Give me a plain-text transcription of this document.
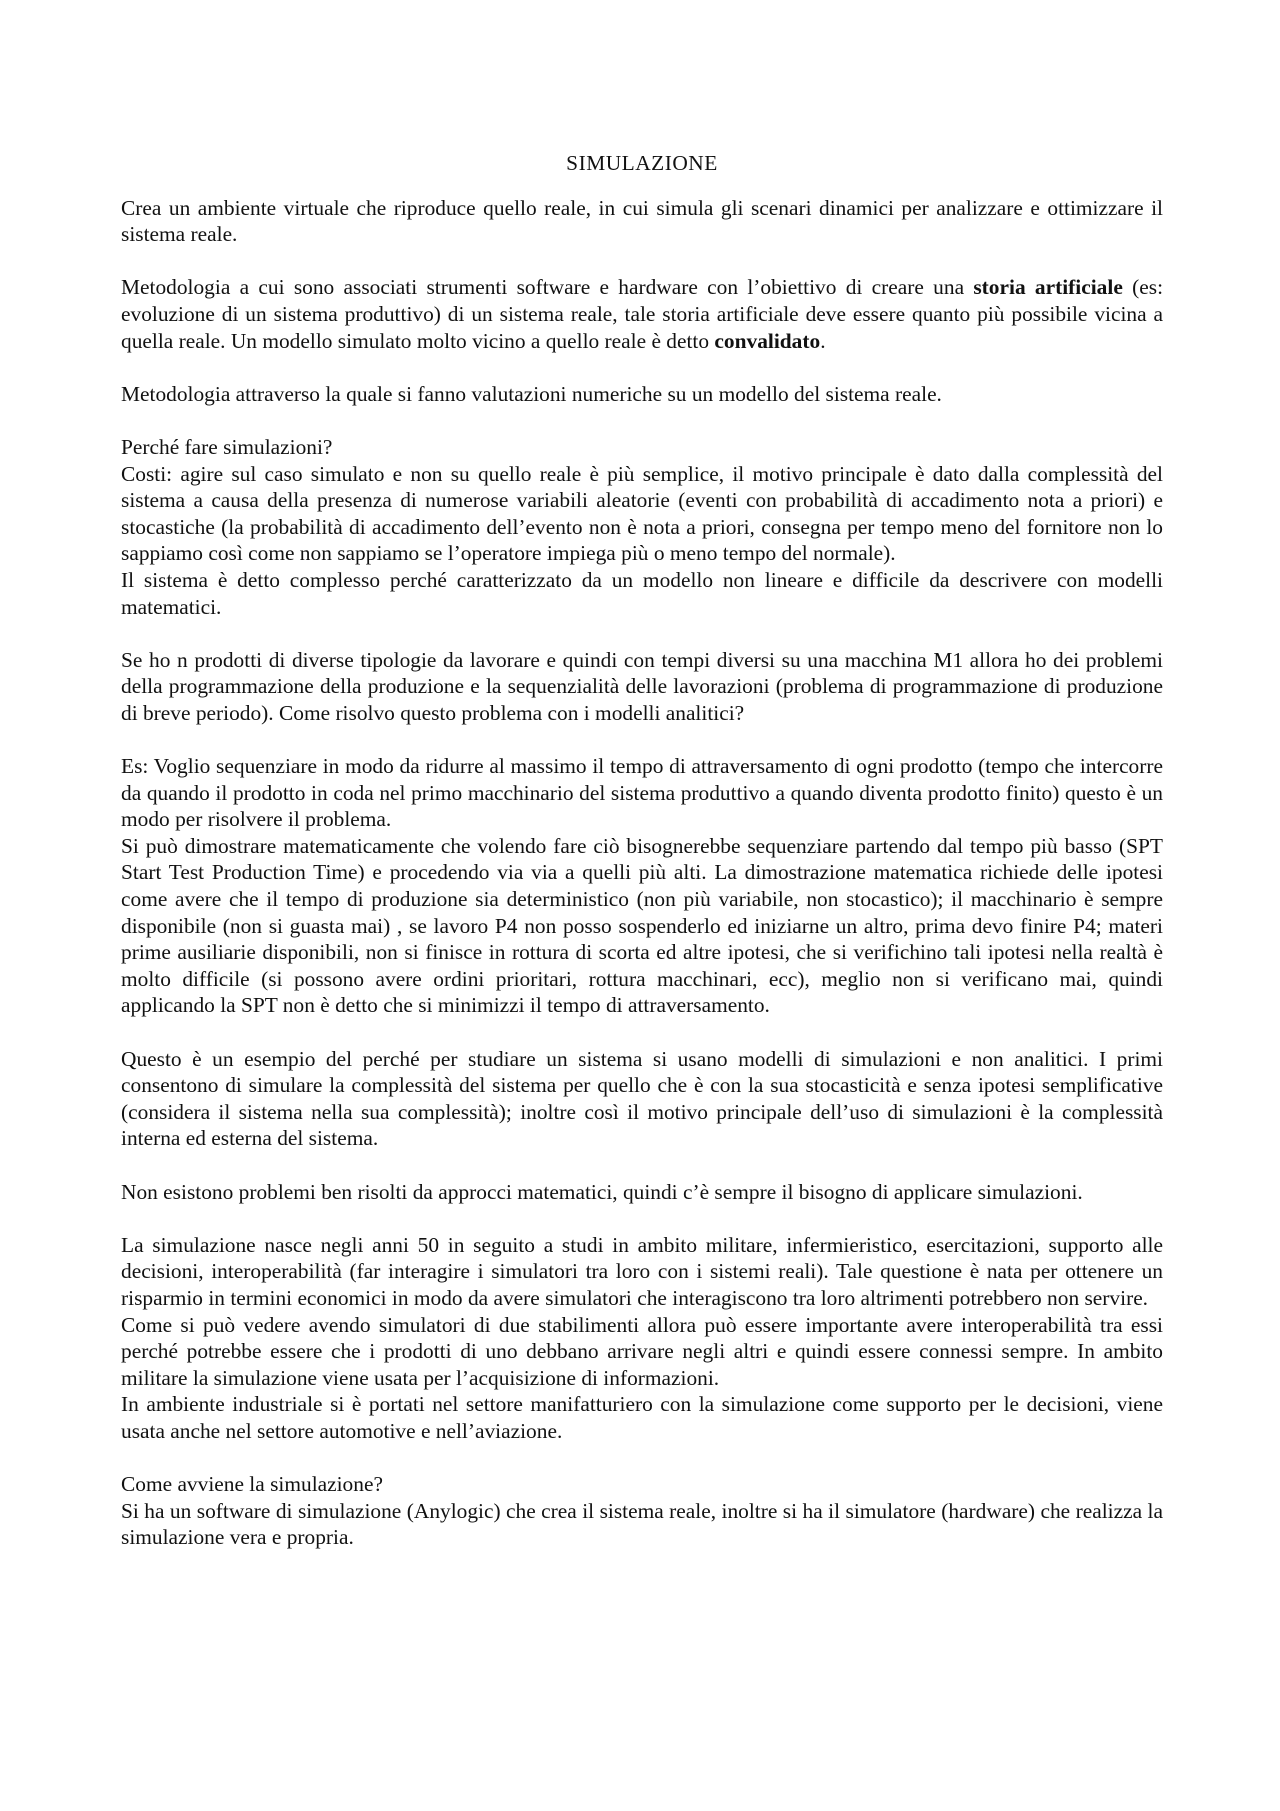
SIMULAZIONE

Crea un ambiente virtuale che riproduce quello reale, in cui simula gli scenari dinamici per analizzare e ottimizzare il sistema reale.

Metodologia a cui sono associati strumenti software e hardware con l’obiettivo di creare una storia artificiale (es: evoluzione di un sistema produttivo) di un sistema reale, tale storia artificiale deve essere quanto più possibile vicina a quella reale. Un modello simulato molto vicino a quello reale è detto convalidato.

Metodologia attraverso la quale si fanno valutazioni numeriche su un modello del sistema reale.

Perché fare simulazioni?

Costi: agire sul caso simulato e non su quello reale è più semplice, il motivo principale è dato dalla complessità del sistema a causa della presenza di numerose variabili aleatorie (eventi con probabilità di accadimento nota a priori) e stocastiche (la probabilità di accadimento dell’evento non è nota a priori, consegna per tempo meno del fornitore non lo sappiamo così come non sappiamo se l’operatore impiega più o meno tempo del normale).

Il sistema è detto complesso perché caratterizzato da un modello non lineare e difficile da descrivere con modelli matematici.

Se ho n prodotti di diverse tipologie da lavorare e quindi con tempi diversi su una macchina M1 allora ho dei problemi della programmazione della produzione e la sequenzialità delle lavorazioni (problema di programmazione di produzione di breve periodo). Come risolvo questo problema con i modelli analitici?

Es: Voglio sequenziare in modo da ridurre al massimo il tempo di attraversamento di ogni prodotto (tempo che intercorre da quando il prodotto in coda nel primo macchinario del sistema produttivo a quando diventa prodotto finito) questo è un modo per risolvere il problema.

Si può dimostrare matematicamente che volendo fare ciò bisognerebbe sequenziare partendo dal tempo più basso (SPT Start Test Production Time) e procedendo via via a quelli più alti. La dimostrazione matematica richiede delle ipotesi come avere che il tempo di produzione sia deterministico (non più variabile, non stocastico); il macchinario è sempre disponibile (non si guasta mai) , se lavoro P4 non posso sospenderlo ed iniziarne un altro, prima devo finire P4; materi prime ausiliarie disponibili, non si finisce in rottura di scorta ed altre ipotesi, che si verifichino tali ipotesi nella realtà è molto difficile (si possono avere ordini prioritari, rottura macchinari, ecc), meglio non si verificano mai, quindi applicando la SPT non è detto che si minimizzi il tempo di attraversamento.

Questo è un esempio del perché per studiare un sistema si usano modelli di simulazioni e non analitici. I primi consentono di simulare la complessità del sistema per quello che è con la sua stocasticità e senza ipotesi semplificative (considera il sistema nella sua complessità); inoltre così il motivo principale dell’uso di simulazioni è la complessità interna ed esterna del sistema.

Non esistono problemi ben risolti da approcci matematici, quindi c’è sempre il bisogno di applicare simulazioni.

La simulazione nasce negli anni 50 in seguito a studi in ambito militare, infermieristico, esercitazioni, supporto alle decisioni, interoperabilità (far interagire i simulatori tra loro con i sistemi reali). Tale questione è nata per ottenere un risparmio in termini economici in modo da avere simulatori che interagiscono tra loro altrimenti potrebbero non servire.

Come si può vedere avendo simulatori di due stabilimenti allora può essere importante avere interoperabilità tra essi perché potrebbe essere che i prodotti di uno debbano arrivare negli altri e quindi essere connessi sempre. In ambito militare la simulazione viene usata per l’acquisizione di informazioni.

In ambiente industriale si è portati nel settore manifatturiero con la simulazione come supporto per le decisioni, viene usata anche nel settore automotive e nell’aviazione.

Come avviene la simulazione?

Si ha un software di simulazione (Anylogic) che crea il sistema reale, inoltre si ha il simulatore (hardware) che realizza la simulazione vera e propria.
